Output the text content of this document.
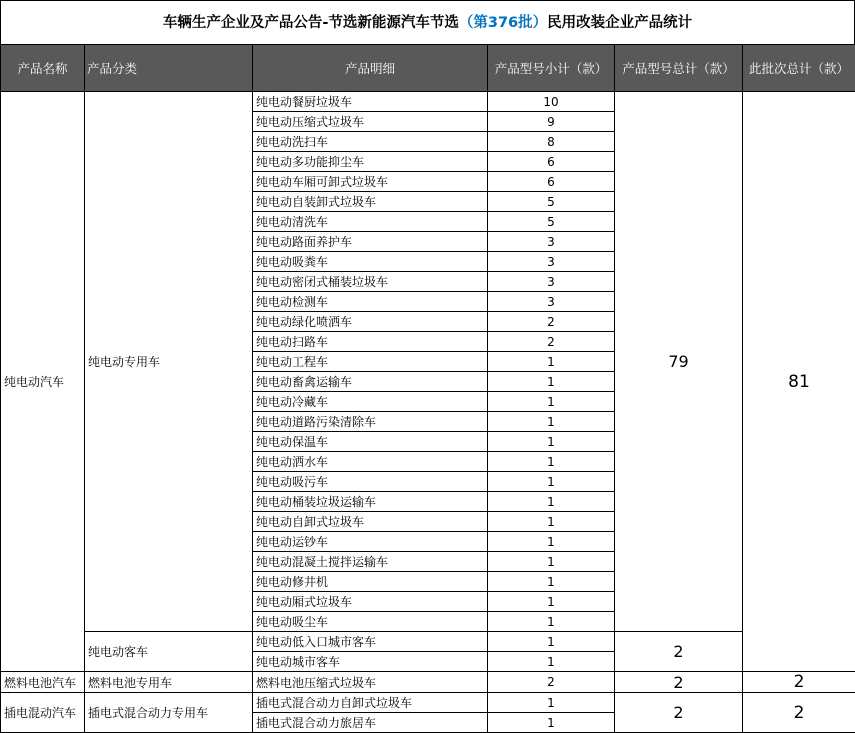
车辆生产企业及产品公告-节选新能源汽车节选（第376批）民用改装企业产品统计
产品名称	产品分类	产品明细	产品型号小计（款）	产品型号总计（款）	此批次总计（款）
纯电动汽车	纯电动专用车	纯电动餐厨垃圾车	10	79	81
		纯电动压缩式垃圾车	9		
		纯电动洗扫车	8		
		纯电动多功能抑尘车	6		
		纯电动车厢可卸式垃圾车	6		
		纯电动自装卸式垃圾车	5		
		纯电动清洗车	5		
		纯电动路面养护车	3		
		纯电动吸粪车	3		
		纯电动密闭式桶装垃圾车	3		
		纯电动检测车	3		
		纯电动绿化喷洒车	2		
		纯电动扫路车	2		
		纯电动工程车	1		
		纯电动畜禽运输车	1		
		纯电动冷藏车	1		
		纯电动道路污染清除车	1		
		纯电动保温车	1		
		纯电动洒水车	1		
		纯电动吸污车	1		
		纯电动桶装垃圾运输车	1		
		纯电动自卸式垃圾车	1		
		纯电动运钞车	1		
		纯电动混凝土搅拌运输车	1		
		纯电动修井机	1		
		纯电动厢式垃圾车	1		
		纯电动吸尘车	1		
	纯电动客车	纯电动低入口城市客车	1	2	
		纯电动城市客车	1		
燃料电池汽车	燃料电池专用车	燃料电池压缩式垃圾车	2	2	2
插电混动汽车	插电式混合动力专用车	插电式混合动力自卸式垃圾车	1	2	2
		插电式混合动力旅居车	1		
